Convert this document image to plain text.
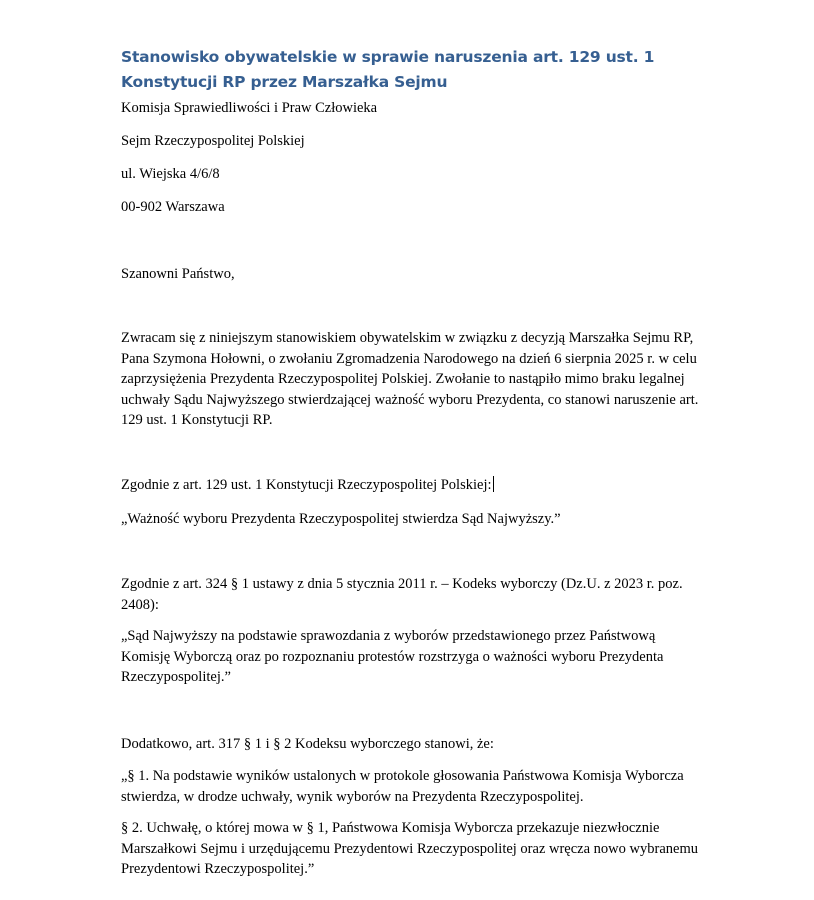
Stanowisko obywatelskie w sprawie naruszenia art. 129 ust. 1 Konstytucji RP przez Marszałka Sejmu

Komisja Sprawiedliwości i Praw Człowieka

Sejm Rzeczypospolitej Polskiej

ul. Wiejska 4/6/8

00-902 Warszawa

Szanowni Państwo,

Zwracam się z niniejszym stanowiskiem obywatelskim w związku z decyzją Marszałka Sejmu RP, Pana Szymona Hołowni, o zwołaniu Zgromadzenia Narodowego na dzień 6 sierpnia 2025 r. w celu zaprzysiężenia Prezydenta Rzeczypospolitej Polskiej. Zwołanie to nastąpiło mimo braku legalnej uchwały Sądu Najwyższego stwierdzającej ważność wyboru Prezydenta, co stanowi naruszenie art. 129 ust. 1 Konstytucji RP.

Zgodnie z art. 129 ust. 1 Konstytucji Rzeczypospolitej Polskiej:

„Ważność wyboru Prezydenta Rzeczypospolitej stwierdza Sąd Najwyższy.”

Zgodnie z art. 324 § 1 ustawy z dnia 5 stycznia 2011 r. – Kodeks wyborczy (Dz.U. z 2023 r. poz. 2408):

„Sąd Najwyższy na podstawie sprawozdania z wyborów przedstawionego przez Państwową Komisję Wyborczą oraz po rozpoznaniu protestów rozstrzyga o ważności wyboru Prezydenta Rzeczypospolitej.”

Dodatkowo, art. 317 § 1 i § 2 Kodeksu wyborczego stanowi, że:

„§ 1. Na podstawie wyników ustalonych w protokole głosowania Państwowa Komisja Wyborcza stwierdza, w drodze uchwały, wynik wyborów na Prezydenta Rzeczypospolitej.

§ 2. Uchwałę, o której mowa w § 1, Państwowa Komisja Wyborcza przekazuje niezwłocznie Marszałkowi Sejmu i urzędującemu Prezydentowi Rzeczypospolitej oraz wręcza nowo wybranemu Prezydentowi Rzeczypospolitej.”
